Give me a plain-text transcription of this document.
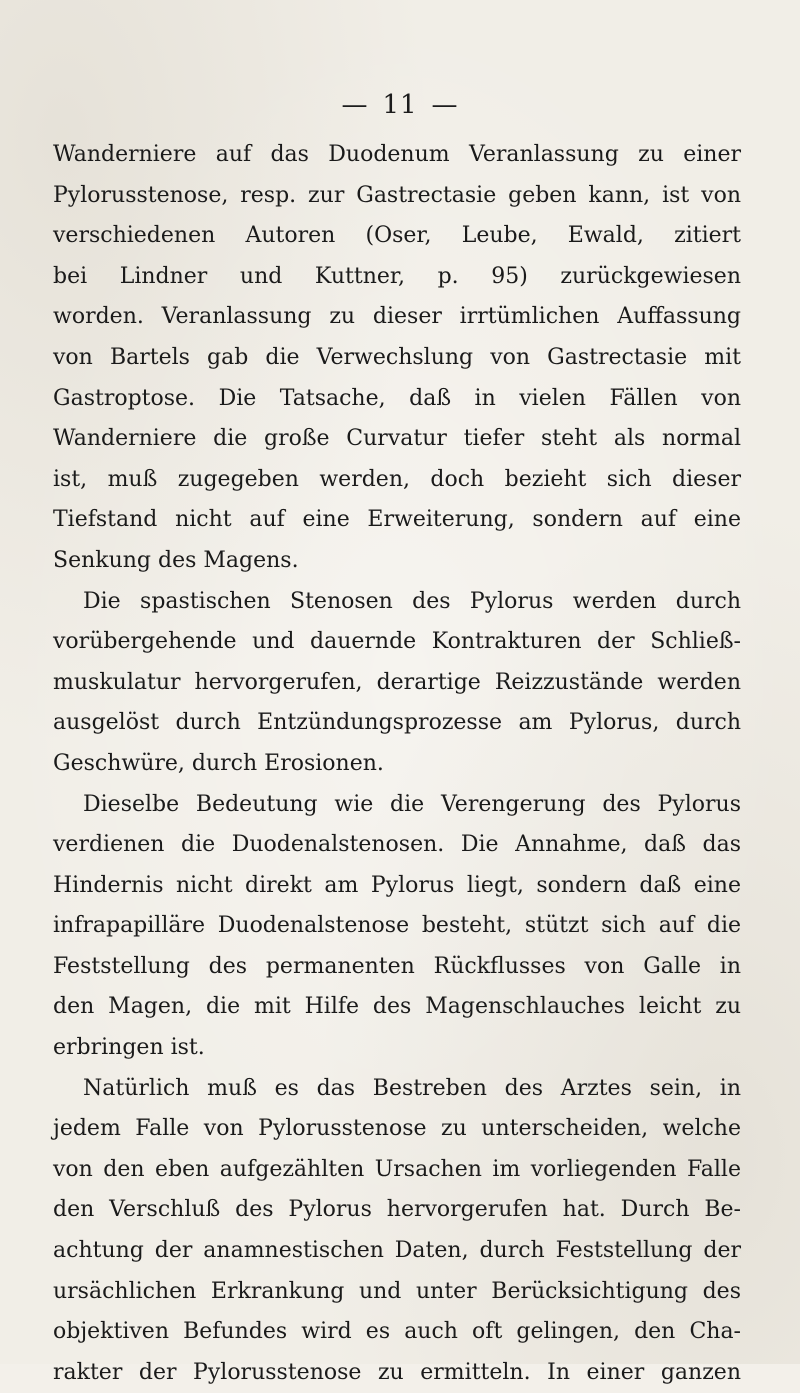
— 11 —
Wanderniere auf das Duodenum Veranlassung zu einer
Pylorusstenose, resp. zur Gastrectasie geben kann, ist von
verschiedenen Autoren (Oser, Leube, Ewald, zitiert
bei Lindner und Kuttner, p. 95) zurückgewiesen
worden. Veranlassung zu dieser irrtümlichen Auffassung
von Bartels gab die Verwechslung von Gastrectasie mit
Gastroptose. Die Tatsache, daß in vielen Fällen von
Wanderniere die große Curvatur tiefer steht als normal
ist, muß zugegeben werden, doch bezieht sich dieser
Tiefstand nicht auf eine Erweiterung, sondern auf eine
Senkung des Magens.
Die spastischen Stenosen des Pylorus werden durch
vorübergehende und dauernde Kontrakturen der Schließ-
muskulatur hervorgerufen, derartige Reizzustände werden
ausgelöst durch Entzündungsprozesse am Pylorus, durch
Geschwüre, durch Erosionen.
Dieselbe Bedeutung wie die Verengerung des Pylorus
verdienen die Duodenalstenosen. Die Annahme, daß das
Hindernis nicht direkt am Pylorus liegt, sondern daß eine
infrapapilläre Duodenalstenose besteht, stützt sich auf die
Feststellung des permanenten Rückflusses von Galle in
den Magen, die mit Hilfe des Magenschlauches leicht zu
erbringen ist.
Natürlich muß es das Bestreben des Arztes sein, in
jedem Falle von Pylorusstenose zu unterscheiden, welche
von den eben aufgezählten Ursachen im vorliegenden Falle
den Verschluß des Pylorus hervorgerufen hat. Durch Be-
achtung der anamnestischen Daten, durch Feststellung der
ursächlichen Erkrankung und unter Berücksichtigung des
objektiven Befundes wird es auch oft gelingen, den Cha-
rakter der Pylorusstenose zu ermitteln. In einer ganzen
